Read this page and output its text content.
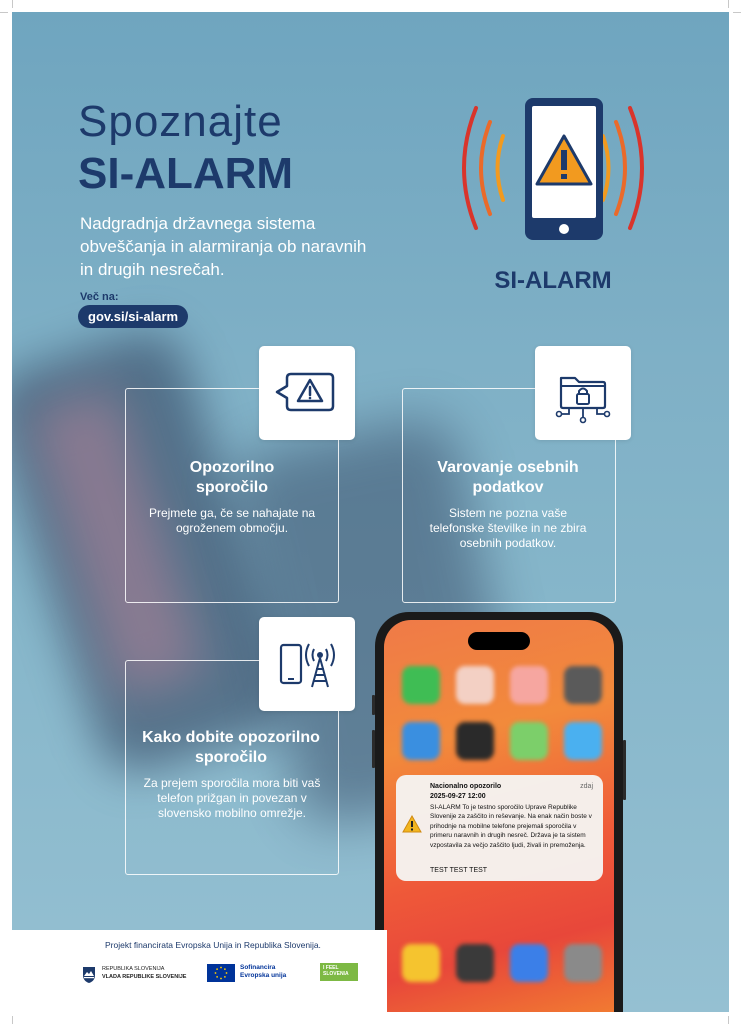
Spoznajte
SI-ALARM

Nadgradnja državnega sistema obveščanja in alarmiranja ob naravnih in drugih nesrečah.

Več na:
gov.si/si-alarm
SI-ALARM
Opozorilno sporočilo

Prejmete ga, če se nahajate na ogroženem območju.

Varovanje osebnih podatkov

Sistem ne pozna vaše telefonske številke in ne zbira osebnih podatkov.

Kako dobite opozorilno sporočilo

Za prejem sporočila mora biti vaš telefon prižgan in povezan v slovensko mobilno omrežje.

Nacionalno opozorilo
2025-09-27 12:00
zdaj

SI-ALARM To je testno sporočilo Uprave Republike Slovenije za zaščito in reševanje. Na enak način boste v prihodnje na mobilne telefone prejemali sporočila v primeru naravnih in drugih nesreč. Država je ta sistem vzpostavila za večjo zaščito ljudi, živali in premoženja.

TEST TEST TEST
Projekt financirata Evropska Unija in Republika Slovenija.
REPUBLIKA SLOVENIJA
VLADA REPUBLIKE SLOVENIJE
Sofinancira
Evropska unija
I FEEL
SLOVENIA
